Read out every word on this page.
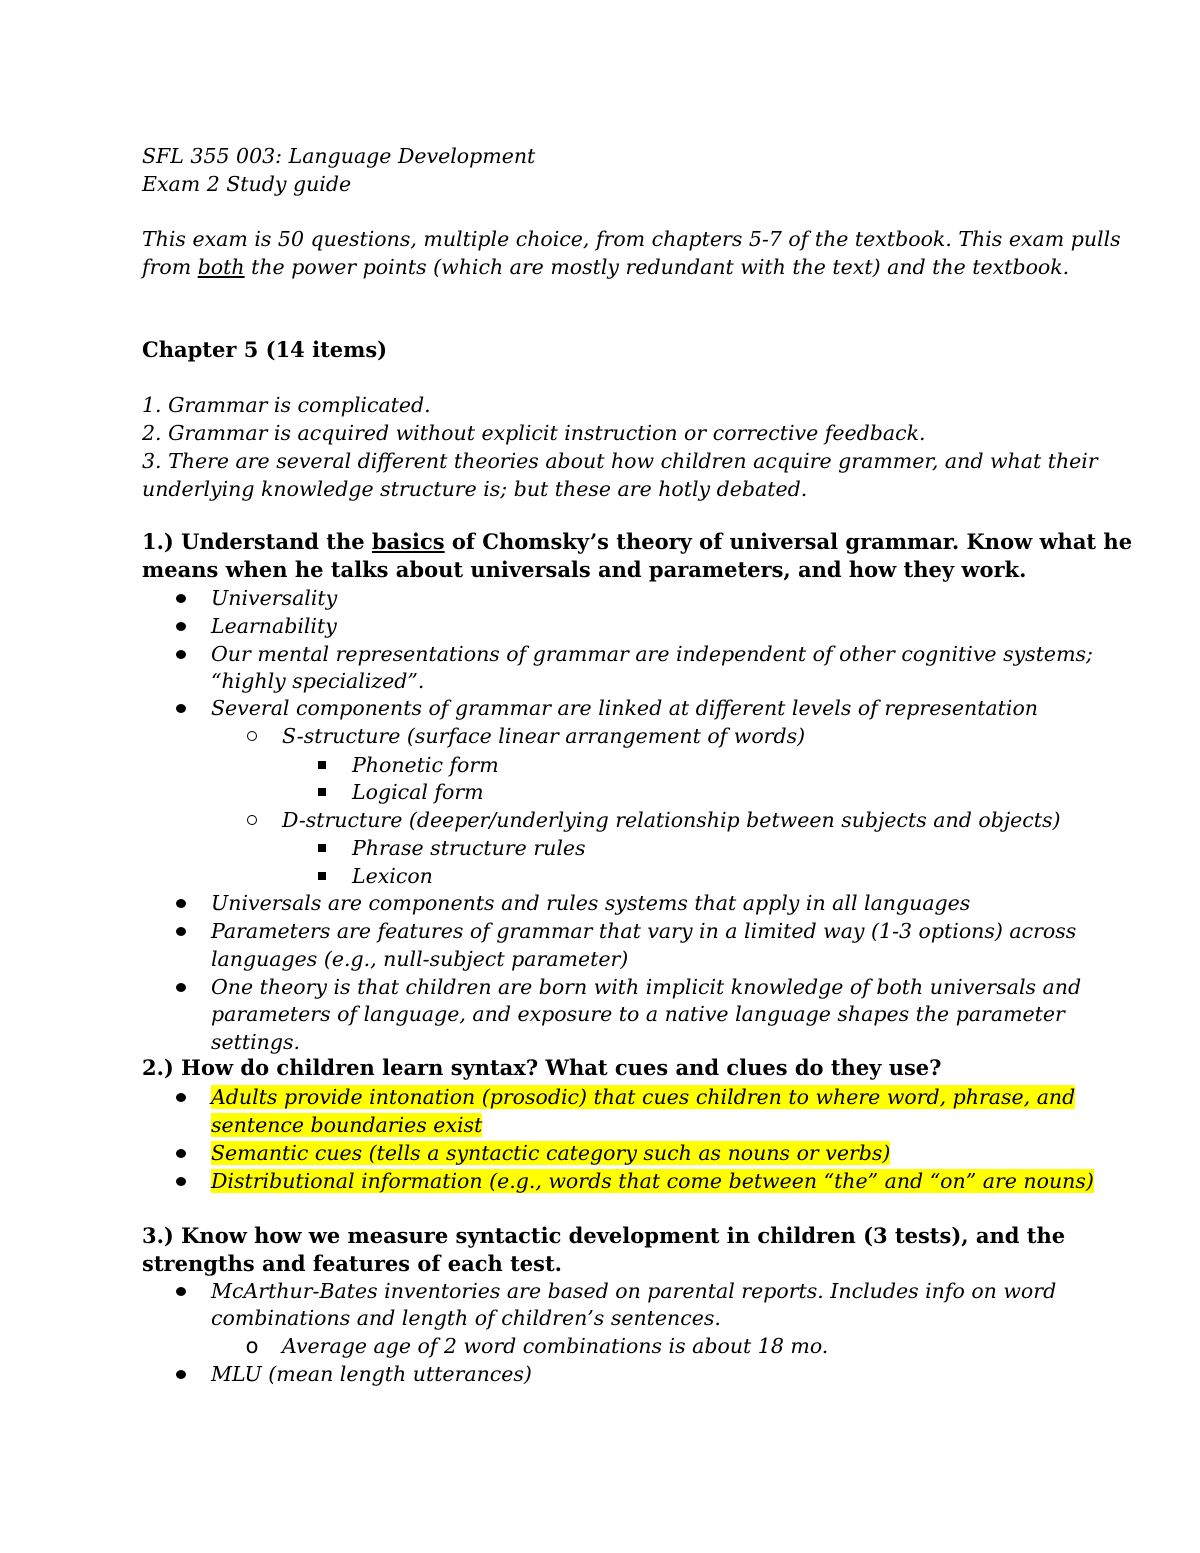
SFL 355 003: Language Development
Exam 2 Study guide
This exam is 50 questions, multiple choice, from chapters 5-7 of the textbook. This exam pulls
from both the power points (which are mostly redundant with the text) and the textbook.
Chapter 5 (14 items)
1. Grammar is complicated.
2. Grammar is acquired without explicit instruction or corrective feedback.
3. There are several different theories about how children acquire grammer, and what their
underlying knowledge structure is; but these are hotly debated.
1.) Understand the basics of Chomsky’s theory of universal grammar. Know what he
means when he talks about universals and parameters, and how they work.
Universality
Learnability
Our mental representations of grammar are independent of other cognitive systems;
“highly specialized”.
Several components of grammar are linked at different levels of representation
S-structure (surface linear arrangement of words)
Phonetic form
Logical form
D-structure (deeper/underlying relationship between subjects and objects)
Phrase structure rules
Lexicon
Universals are components and rules systems that apply in all languages
Parameters are features of grammar that vary in a limited way (1-3 options) across
languages (e.g., null-subject parameter)
One theory is that children are born with implicit knowledge of both universals and
parameters of language, and exposure to a native language shapes the parameter
settings.
2.) How do children learn syntax? What cues and clues do they use?
Adults provide intonation (prosodic) that cues children to where word, phrase, and
sentence boundaries exist
Semantic cues (tells a syntactic category such as nouns or verbs)
Distributional information (e.g., words that come between “the” and “on” are nouns)
3.) Know how we measure syntactic development in children (3 tests), and the
strengths and features of each test.
McArthur-Bates inventories are based on parental reports. Includes info on word
combinations and length of children’s sentences.
o Average age of 2 word combinations is about 18 mo.
MLU (mean length utterances)
